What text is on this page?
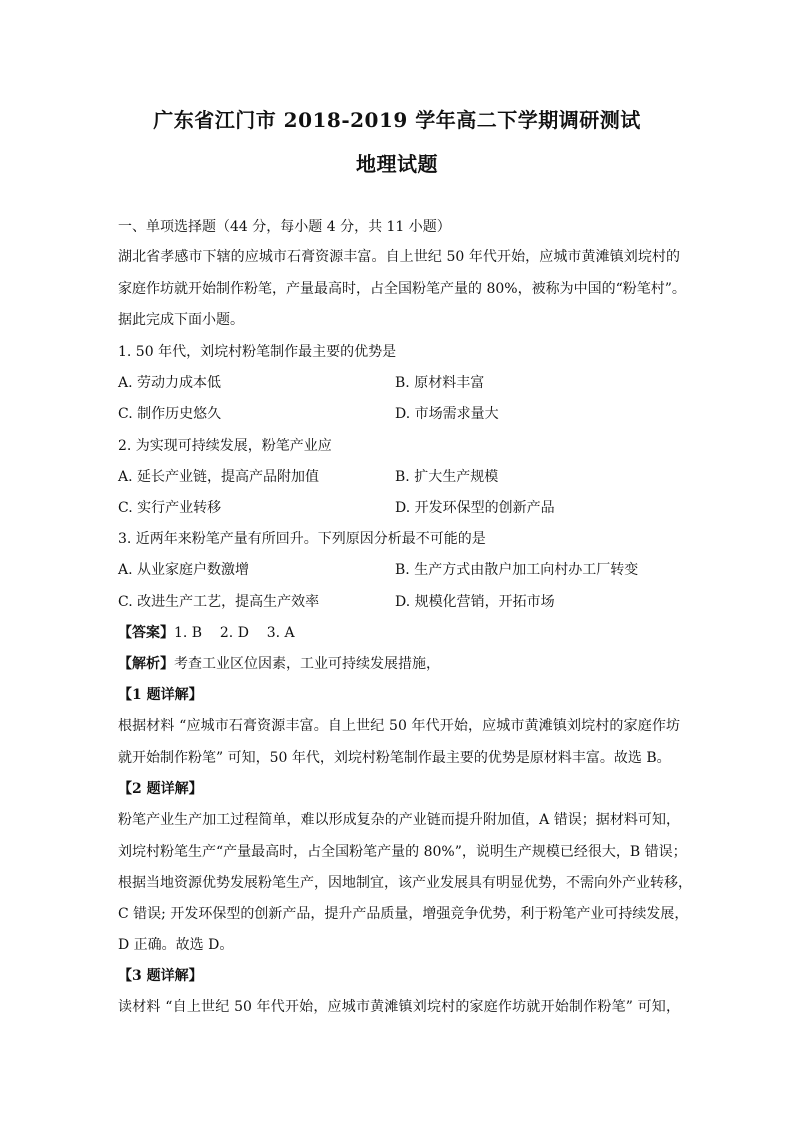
广东省江门市 2018-2019 学年高二下学期调研测试
地理试题
一、单项选择题（44 分，每小题 4 分，共 11 小题）
湖北省孝感市下辖的应城市石膏资源丰富。自上世纪 50 年代开始，应城市黄滩镇刘垸村的
家庭作坊就开始制作粉笔，产量最高时，占全国粉笔产量的 80%，被称为中国的“粉笔村”。
据此完成下面小题。
1. 50 年代，刘垸村粉笔制作最主要的优势是
A. 劳动力成本低	B. 原材料丰富
C. 制作历史悠久	D. 市场需求量大
2. 为实现可持续发展，粉笔产业应
A. 延长产业链，提高产品附加值	B. 扩大生产规模
C. 实行产业转移	D. 开发环保型的创新产品
3. 近两年来粉笔产量有所回升。下列原因分析最不可能的是
A. 从业家庭户数激增	B. 生产方式由散户加工向村办工厂转变
C. 改进生产工艺，提高生产效率	D. 规模化营销，开拓市场
【答案】1. B    2. D    3. A
【解析】考查工业区位因素，工业可持续发展措施，
【1 题详解】
根据材料 “应城市石膏资源丰富。自上世纪 50 年代开始，应城市黄滩镇刘垸村的家庭作坊
就开始制作粉笔” 可知，50 年代，刘垸村粉笔制作最主要的优势是原材料丰富。故选 B。
【2 题详解】
粉笔产业生产加工过程简单，难以形成复杂的产业链而提升附加值，A 错误；据材料可知，
刘垸村粉笔生产“产量最高时，占全国粉笔产量的 80%”，说明生产规模已经很大，B 错误；
根据当地资源优势发展粉笔生产，因地制宜，该产业发展具有明显优势，不需向外产业转移，
C 错误; 开发环保型的创新产品，提升产品质量，增强竞争优势，利于粉笔产业可持续发展，
D 正确。故选 D。
【3 题详解】
读材料 “自上世纪 50 年代开始，应城市黄滩镇刘垸村的家庭作坊就开始制作粉笔” 可知，
